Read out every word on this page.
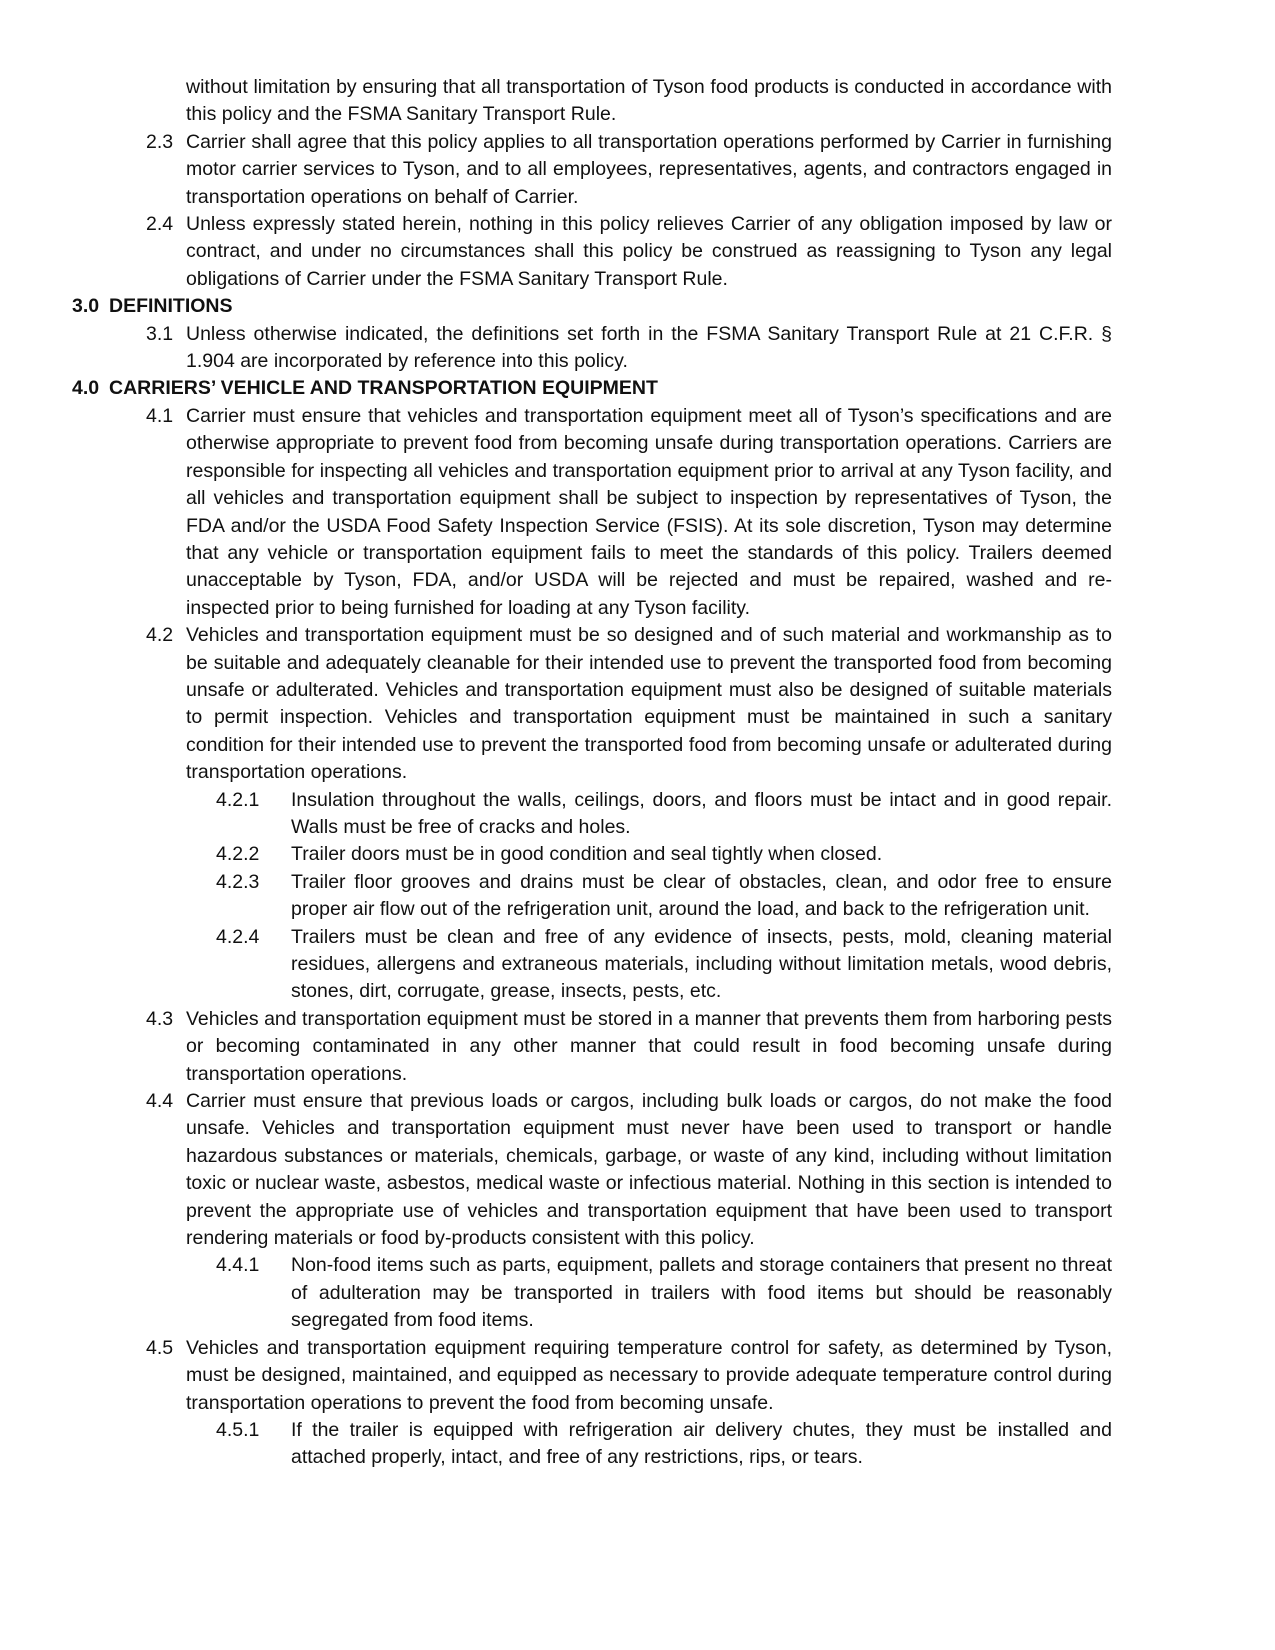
without limitation by ensuring that all transportation of Tyson food products is conducted in accordance with this policy and the FSMA Sanitary Transport Rule.

2.3 Carrier shall agree that this policy applies to all transportation operations performed by Carrier in furnishing motor carrier services to Tyson, and to all employees, representatives, agents, and contractors engaged in transportation operations on behalf of Carrier.
2.4 Unless expressly stated herein, nothing in this policy relieves Carrier of any obligation imposed by law or contract, and under no circumstances shall this policy be construed as reassigning to Tyson any legal obligations of Carrier under the FSMA Sanitary Transport Rule.
3.0 DEFINITIONS
3.1 Unless otherwise indicated, the definitions set forth in the FSMA Sanitary Transport Rule at 21 C.F.R. § 1.904 are incorporated by reference into this policy.
4.0 CARRIERS’ VEHICLE AND TRANSPORTATION EQUIPMENT
4.1 Carrier must ensure that vehicles and transportation equipment meet all of Tyson’s specifications and are otherwise appropriate to prevent food from becoming unsafe during transportation operations. Carriers are responsible for inspecting all vehicles and transportation equipment prior to arrival at any Tyson facility, and all vehicles and transportation equipment shall be subject to inspection by representatives of Tyson, the FDA and/or the USDA Food Safety Inspection Service (FSIS). At its sole discretion, Tyson may determine that any vehicle or transportation equipment fails to meet the standards of this policy. Trailers deemed unacceptable by Tyson, FDA, and/or USDA will be rejected and must be repaired, washed and re-inspected prior to being furnished for loading at any Tyson facility.
4.2 Vehicles and transportation equipment must be so designed and of such material and workmanship as to be suitable and adequately cleanable for their intended use to prevent the transported food from becoming unsafe or adulterated. Vehicles and transportation equipment must also be designed of suitable materials to permit inspection. Vehicles and transportation equipment must be maintained in such a sanitary condition for their intended use to prevent the transported food from becoming unsafe or adulterated during transportation operations.
4.2.1	Insulation throughout the walls, ceilings, doors, and floors must be intact and in good repair. Walls must be free of cracks and holes.
4.2.2	Trailer doors must be in good condition and seal tightly when closed.
4.2.3	Trailer floor grooves and drains must be clear of obstacles, clean, and odor free to ensure proper air flow out of the refrigeration unit, around the load, and back to the refrigeration unit.
4.2.4	Trailers must be clean and free of any evidence of insects, pests, mold, cleaning material residues, allergens and extraneous materials, including without limitation metals, wood debris, stones, dirt, corrugate, grease, insects, pests, etc.
4.3 Vehicles and transportation equipment must be stored in a manner that prevents them from harboring pests or becoming contaminated in any other manner that could result in food becoming unsafe during transportation operations.
4.4 Carrier must ensure that previous loads or cargos, including bulk loads or cargos, do not make the food unsafe. Vehicles and transportation equipment must never have been used to transport or handle hazardous substances or materials, chemicals, garbage, or waste of any kind, including without limitation toxic or nuclear waste, asbestos, medical waste or infectious material. Nothing in this section is intended to prevent the appropriate use of vehicles and transportation equipment that have been used to transport rendering materials or food by-products consistent with this policy.
4.4.1	Non-food items such as parts, equipment, pallets and storage containers that present no threat of adulteration may be transported in trailers with food items but should be reasonably segregated from food items.
4.5 Vehicles and transportation equipment requiring temperature control for safety, as determined by Tyson, must be designed, maintained, and equipped as necessary to provide adequate temperature control during transportation operations to prevent the food from becoming unsafe.
4.5.1	If the trailer is equipped with refrigeration air delivery chutes, they must be installed and attached properly, intact, and free of any restrictions, rips, or tears.
